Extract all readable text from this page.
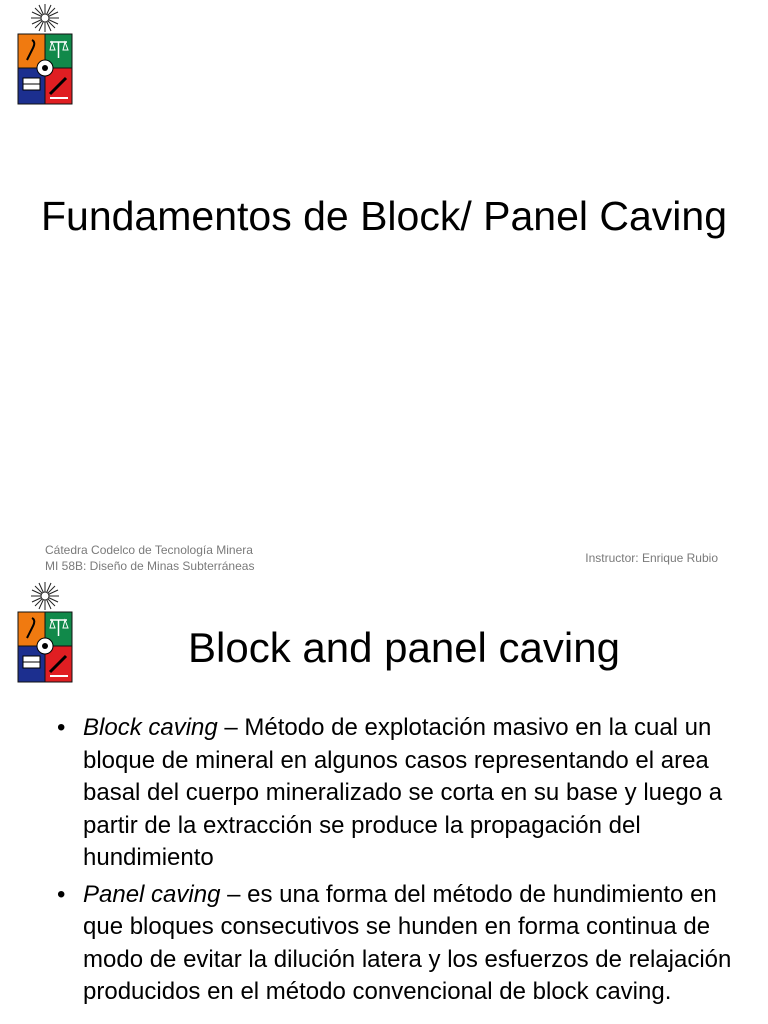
Fundamentos de Block/ Panel Caving
Cátedra Codelco de Tecnología Minera
MI 58B: Diseño de Minas Subterráneas
Instructor: Enrique Rubio
Block and panel caving
• Block caving – Método de explotación masivo en la cual un bloque de mineral en algunos casos representando el area basal del cuerpo mineralizado se corta en su base y luego a partir de la extracción se produce la propagación del hundimiento
• Panel caving – es una forma del método de hundimiento en que bloques consecutivos se hunden en forma continua de modo de evitar la dilución latera y los esfuerzos de relajación producidos en el método convencional de block caving.
